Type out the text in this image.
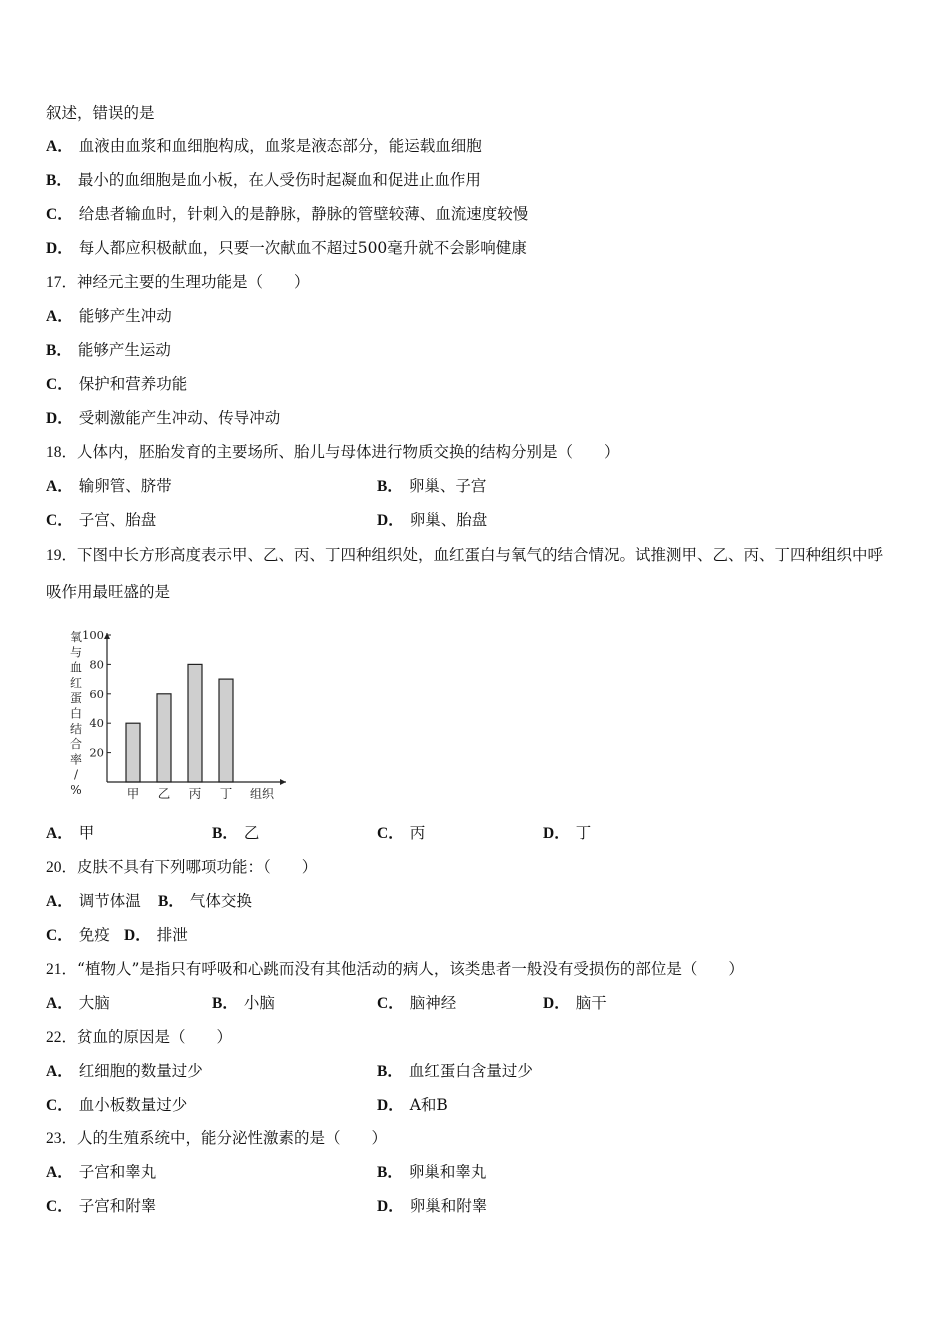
叙述，错误的是
A． 血液由血浆和血细胞构成，血浆是液态部分，能运载血细胞
B． 最小的血细胞是血小板，在人受伤时起凝血和促进止血作用
C． 给患者输血时，针刺入的是静脉，静脉的管壁较薄、血流速度较慢
D． 每人都应积极献血，只要一次献血不超过500毫升就不会影响健康
17．神经元主要的生理功能是（　　）
A． 能够产生冲动
B． 能够产生运动
C． 保护和营养功能
D． 受刺激能产生冲动、传导冲动
18．人体内，胚胎发育的主要场所、胎儿与母体进行物质交换的结构分别是（　　）
A． 输卵管、脐带	B． 卵巢、子宫
C． 子宫、胎盘	D． 卵巢、胎盘
19．下图中长方形高度表示甲、乙、丙、丁四种组织处，血红蛋白与氧气的结合情况。试推测甲、乙、丙、丁四种组织中呼
吸作用最旺盛的是
氧与血红蛋白结合率/ %
20
40
60
80
100
甲 乙 丙 丁 组织
A． 甲	B． 乙	C． 丙	D． 丁
20．皮肤不具有下列哪项功能：（　　）
A． 调节体温 B． 气体交换
C． 免疫 D． 排泄
21．“植物人”是指只有呼吸和心跳而没有其他活动的病人，该类患者一般没有受损伤的部位是（　　）
A． 大脑	B． 小脑	C． 脑神经	D． 脑干
22．贫血的原因是（　　）
A． 红细胞的数量过少	B． 血红蛋白含量过少
C． 血小板数量过少	D． A和B
23．人的生殖系统中，能分泌性激素的是（　　）
A． 子宫和睾丸	B． 卵巢和睾丸
C． 子宫和附睾	D． 卵巢和附睾
